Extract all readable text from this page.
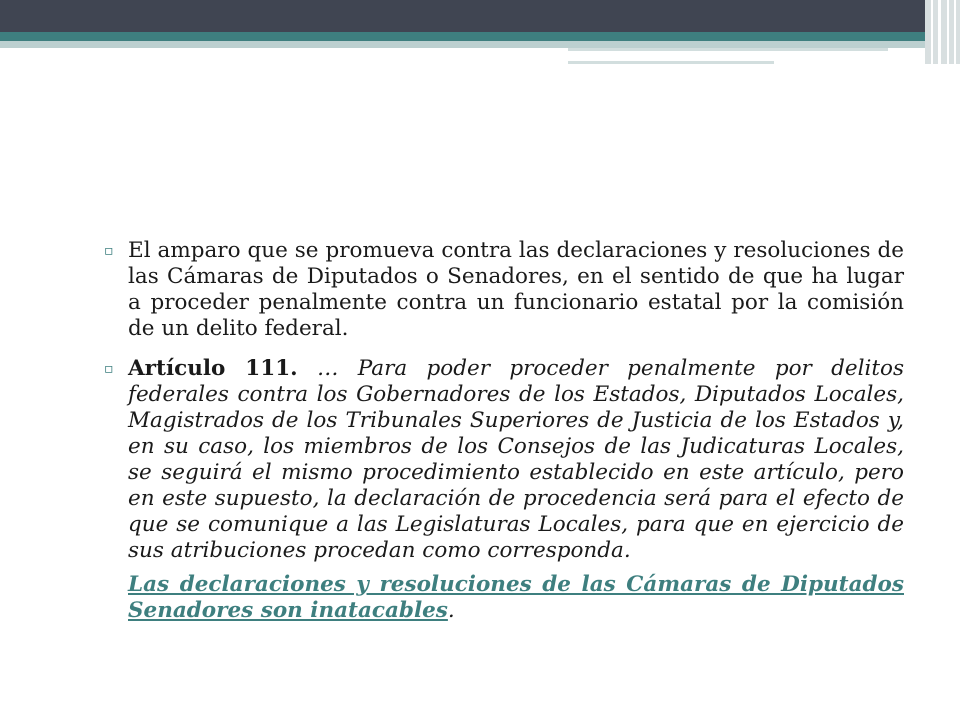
▫ El amparo que se promueva contra las declaraciones y resoluciones de las Cámaras de Diputados o Senadores, en el sentido de que ha lugar a proceder penalmente contra un funcionario estatal por la comisión de un delito federal.
▫ Artículo 111. … Para poder proceder penalmente por delitos federales contra los Gobernadores de los Estados, Diputados Locales, Magistrados de los Tribunales Superiores de Justicia de los Estados y, en su caso, los miembros de los Consejos de las Judicaturas Locales, se seguirá el mismo procedimiento establecido en este artículo, pero en este supuesto, la declaración de procedencia será para el efecto de que se comunique a las Legislaturas Locales, para que en ejercicio de sus atribuciones procedan como corresponda.
Las declaraciones y resoluciones de las Cámaras de Diputados Senadores son inatacables.
